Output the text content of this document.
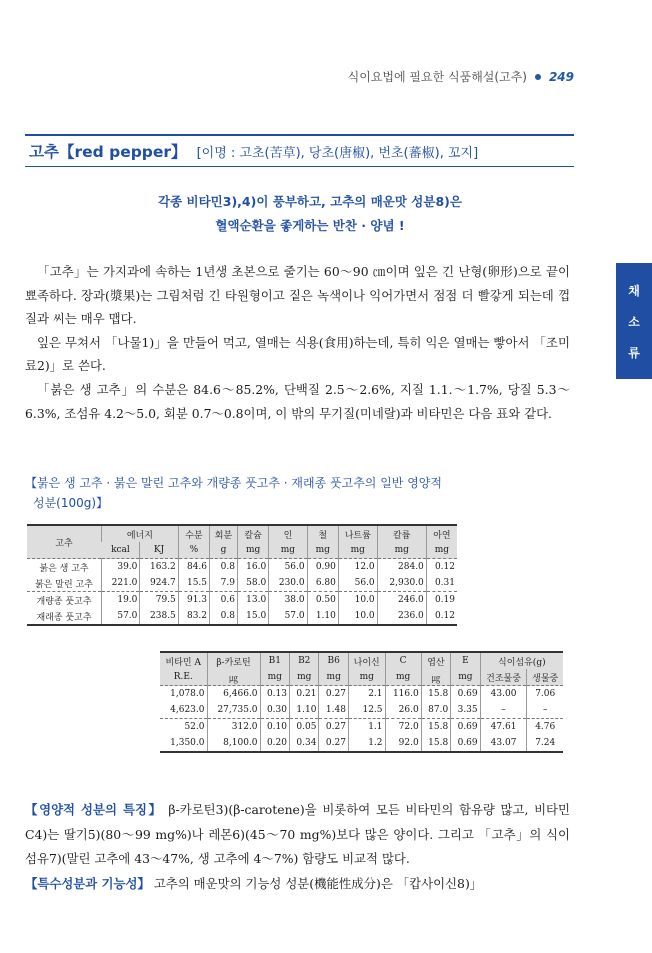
식이요법에 필요한 식품해설(고추) 249
채
소
류
고추【red pepper】 [이명 : 고초(苦草), 당초(唐椒), 번초(蕃椒), 꼬지]
각종 비타민3),4)이 풍부하고, 고추의 매운맛 성분8)은
혈액순환을 좋게하는 반찬 · 양념 !

「고추」는 가지과에 속하는 1년생 초본으로 줄기는 60～90 ㎝이며 잎은 긴 난형(卵形)으로 끝이 뾰족하다. 장과(漿果)는 그림처럼 긴 타원형이고 짙은 녹색이나 익어가면서 점점 더 빨갛게 되는데 껍질과 씨는 매우 맵다.

잎은 무쳐서 「나물1)」을 만들어 먹고, 열매는 식용(食用)하는데, 특히 익은 열매는 빻아서 「조미료2)」로 쓴다.

「붉은 생 고추」의 수분은 84.6～85.2%, 단백질 2.5～2.6%, 지질 1.1.～1.7%, 당질 5.3～6.3%, 조섬유 4.2～5.0, 회분 0.7～0.8이며, 이 밖의 무기질(미네랄)과 비타민은 다음 표와 같다.

【붉은 생 고추 · 붉은 말린 고추와 개량종 풋고추 · 재래종 풋고추의 일반 영양적
성분(100g)】
고추	에너지		수분	회분	칼슘	인	철	나트륨	칼륨	아연
	kcal	KJ	%	g	mg	mg	mg	mg	mg	mg
붉은 생 고추	39.0	163.2	84.6	0.8	16.0	56.0	0.90	12.0	284.0	0.12
붉은 말린 고추	221.0	924.7	15.5	7.9	58.0	230.0	6.80	56.0	2,930.0	0.31
개량종 풋고추	19.0	79.5	91.3	0.6	13.0	38.0	0.50	10.0	246.0	0.19
재래종 풋고추	57.0	238.5	83.2	0.8	15.0	57.0	1.10	10.0	236.0	0.12
비타민 A	β-카로틴	B1	B2	B6	나이신	C	엽산	E	식이섬유(g)	
R.E.	㎍	mg	mg	mg	mg	mg	㎍	mg	건조물중	생물중
1,078.0	6,466.0	0.13	0.21	0.27	2.1	116.0	15.8	0.69	43.00	7.06
4,623.0	27,735.0	0.30	1.10	1.48	12.5	26.0	87.0	3.35	–	–
52.0	312.0	0.10	0.05	0.27	1.1	72.0	15.8	0.69	47.61	4.76
1,350.0	8,100.0	0.20	0.34	0.27	1.2	92.0	15.8	0.69	43.07	7.24

【영양적 성분의 특징】 β-카로틴3)(β-carotene)을 비롯하여 모든 비타민의 함유량 많고, 비타민 C4)는 딸기5)(80～99 mg%)나 레몬6)(45～70 mg%)보다 많은 양이다. 그리고 「고추」의 식이섬유7)(말린 고추에 43～47%, 생 고추에 4～7%) 함량도 비교적 많다.

【특수성분과 기능성】 고추의 매운맛의 기능성 성분(機能性成分)은 「캅사이신8)」
